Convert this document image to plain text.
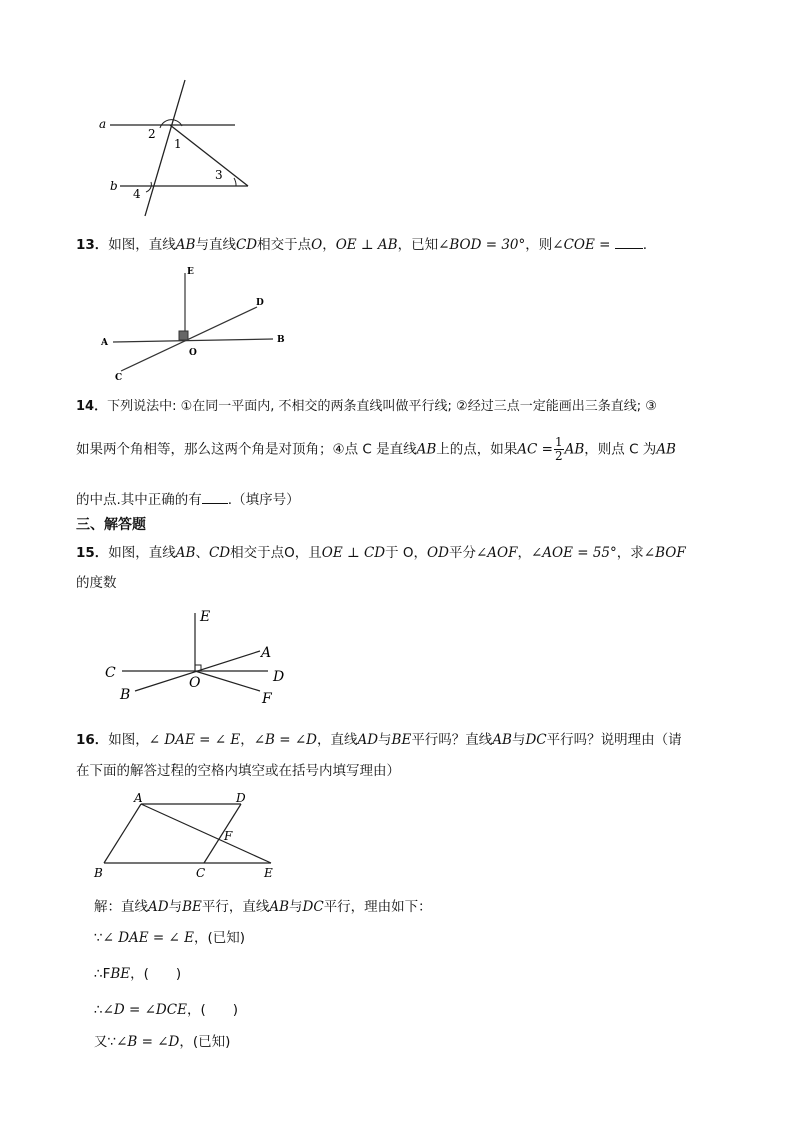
a
b
2
1
3
4
13．如图，直线AB与直线CD相交于点O，OE ⊥ AB，已知∠BOD = 30°，则∠COE = .
E
D
A
O
B
C
14．下列说法中: ①在同一平面内, 不相交的两条直线叫做平行线; ②经过三点一定能画出三条直线; ③
如果两个角相等，那么这两个角是对顶角；④点 C 是直线AB上的点，如果AC = $\frac{1}{2}$ AB，则点 C 为AB
的中点.其中正确的有 .（填序号）
三、解答题
15．如图，直线AB、CD相交于点O，且OE ⊥ CD于 O，OD平分∠AOF，∠AOE = 55°，求∠BOF
的度数
E
A
C	D
O
B	F
16．如图，∠ DAE = ∠ E，∠B = ∠D，直线AD与BE平行吗？直线AB与DC平行吗？说明理由（请
在下面的解答过程的空格内填空或在括号内填写理由）
A	D
F
B	C	E
解：直线AD与BE平行，直线AB与DC平行，理由如下：
∵∠ DAE = ∠ E，(已知)
∴FBE，(　　)
∴∠D = ∠DCE，(　　)
又∵∠B = ∠D，(已知)
